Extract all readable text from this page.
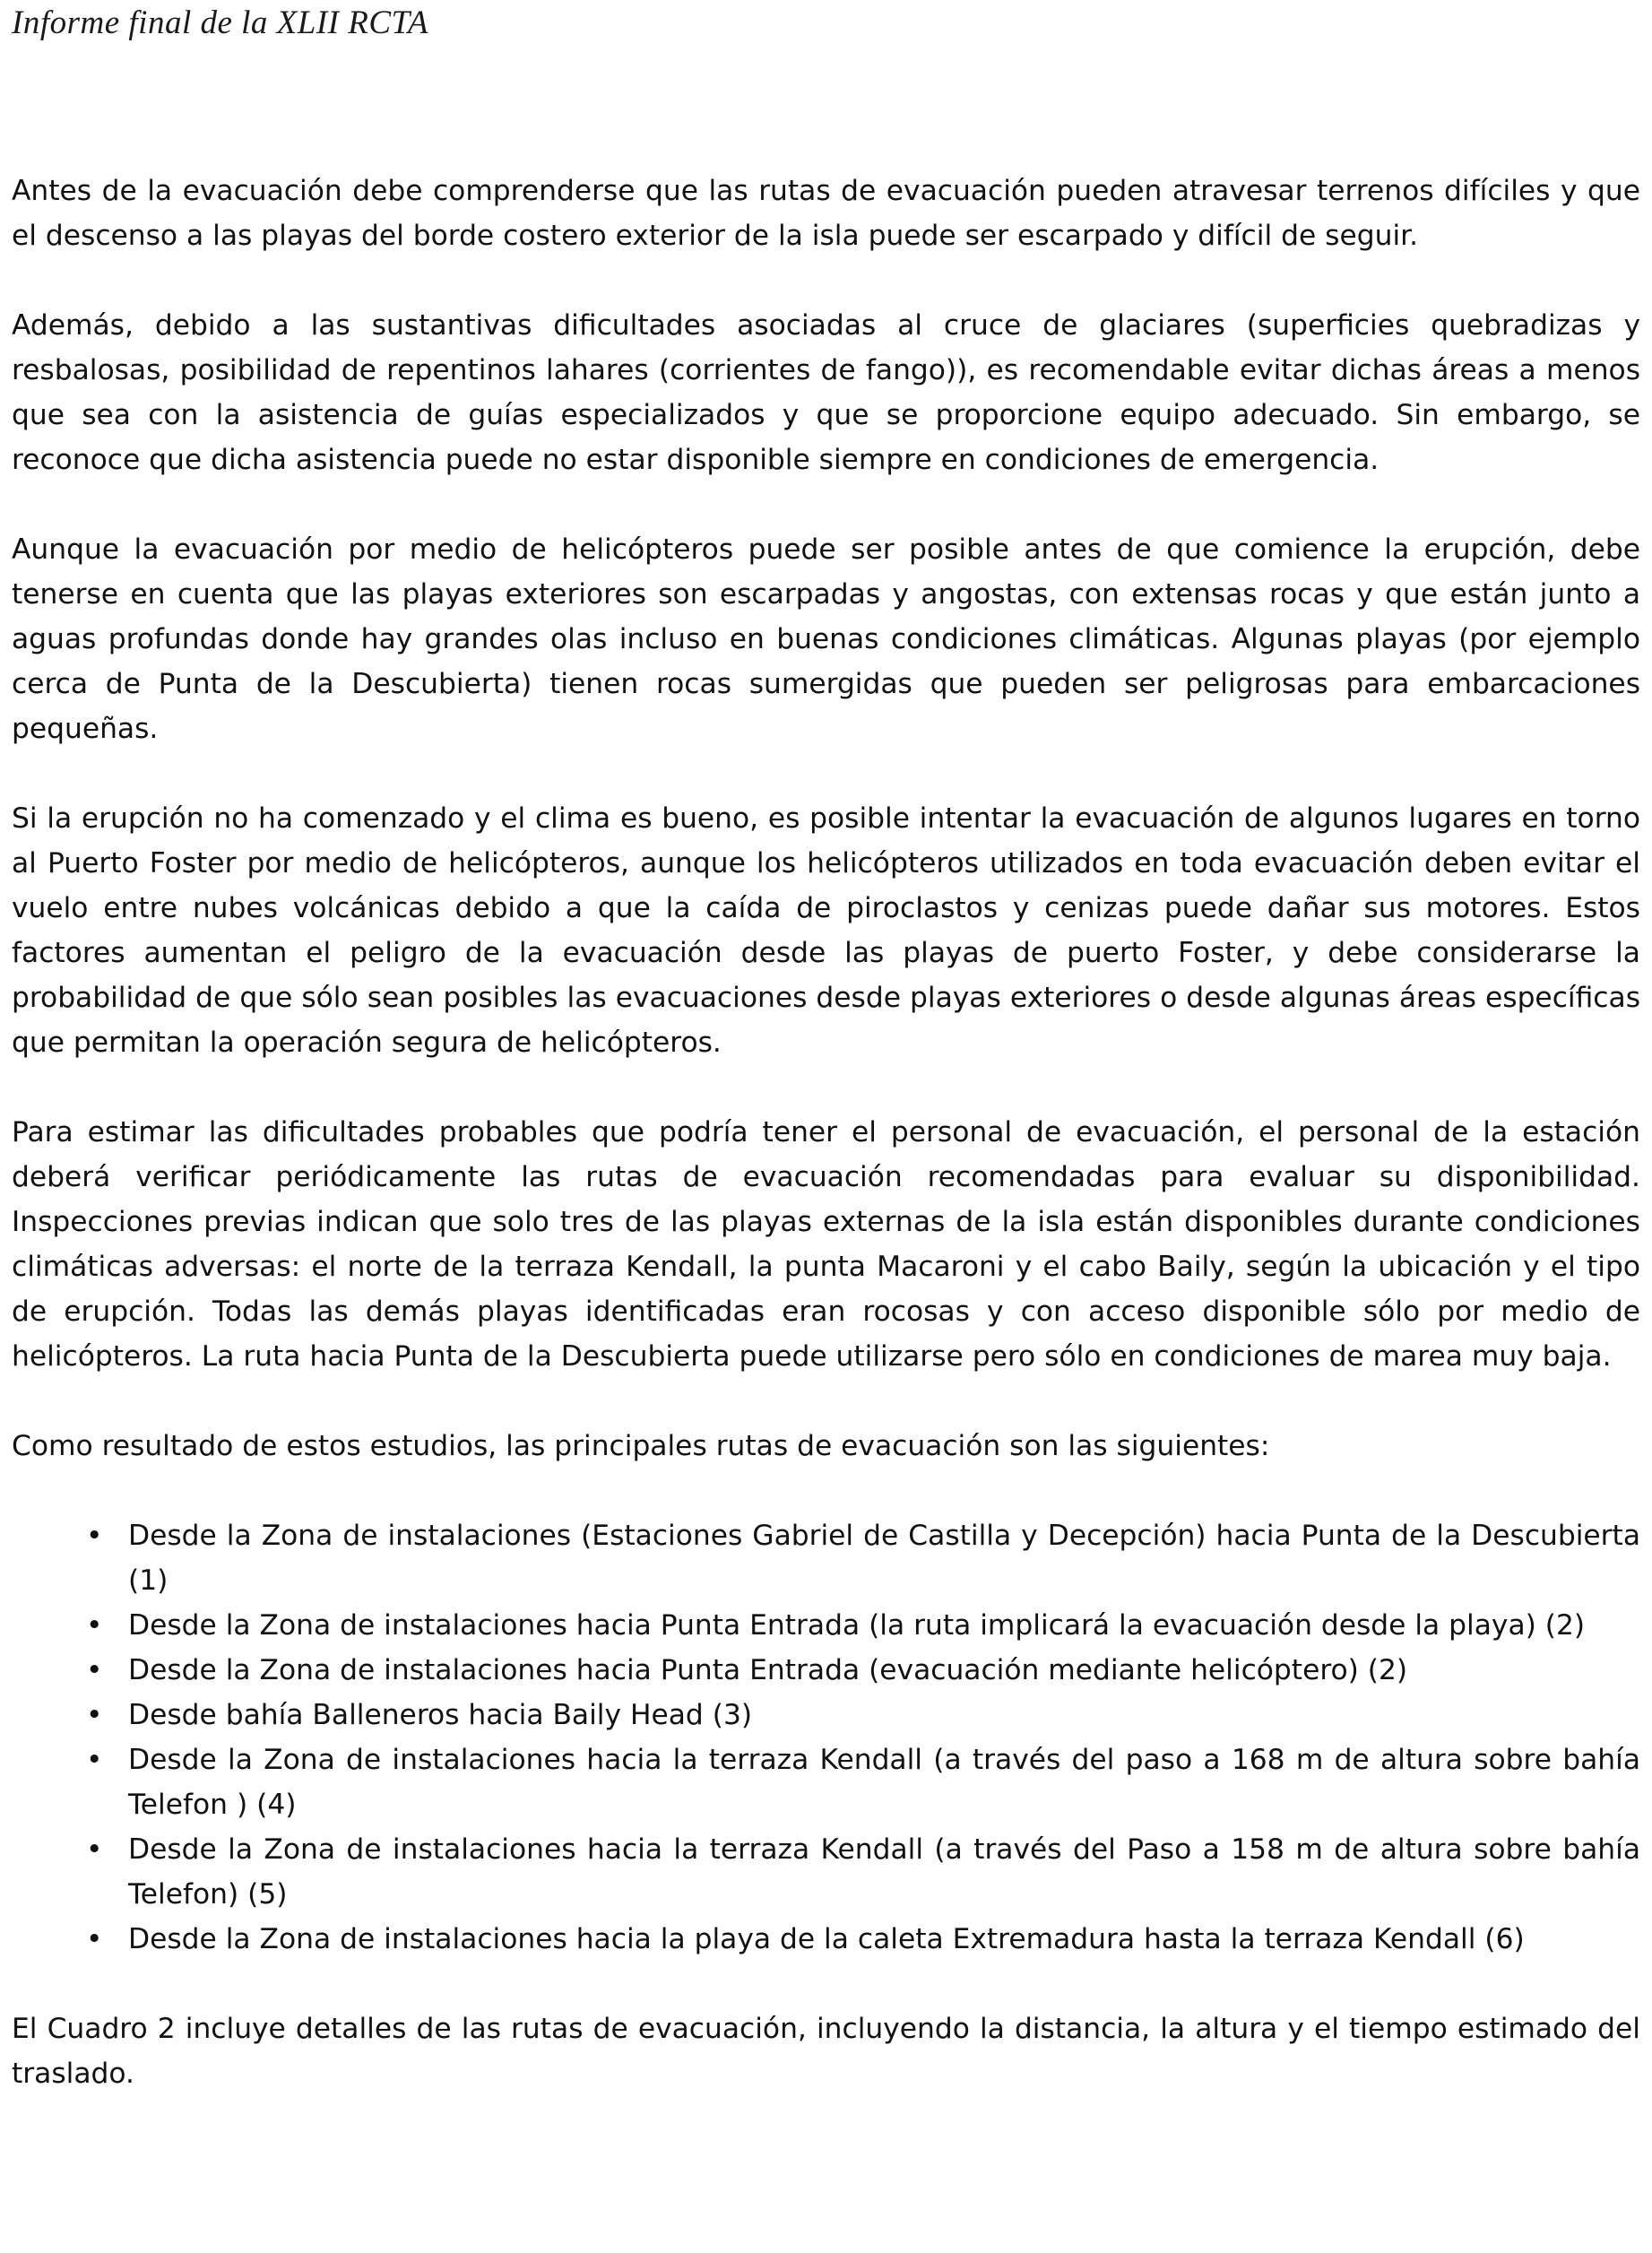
Informe final de la XLII RCTA

Antes de la evacuación debe comprenderse que las rutas de evacuación pueden atravesar terrenos difíciles y que el descenso a las playas del borde costero exterior de la isla puede ser escarpado y difícil de seguir.

Además, debido a las sustantivas dificultades asociadas al cruce de glaciares (superficies quebradizas y resbalosas, posibilidad de repentinos lahares (corrientes de fango)), es recomendable evitar dichas áreas a menos que sea con la asistencia de guías especializados y que se proporcione equipo adecuado. Sin embargo, se reconoce que dicha asistencia puede no estar disponible siempre en condiciones de emergencia.

Aunque la evacuación por medio de helicópteros puede ser posible antes de que comience la erupción, debe tenerse en cuenta que las playas exteriores son escarpadas y angostas, con extensas rocas y que están junto a aguas profundas donde hay grandes olas incluso en buenas condiciones climáticas. Algunas playas (por ejemplo cerca de Punta de la Descubierta) tienen rocas sumergidas que pueden ser peligrosas para embarcaciones pequeñas.

Si la erupción no ha comenzado y el clima es bueno, es posible intentar la evacuación de algunos lugares en torno al Puerto Foster por medio de helicópteros, aunque los helicópteros utilizados en toda evacuación deben evitar el vuelo entre nubes volcánicas debido a que la caída de piroclastos y cenizas puede dañar sus motores. Estos factores aumentan el peligro de la evacuación desde las playas de puerto Foster, y debe considerarse la probabilidad de que sólo sean posibles las evacuaciones desde playas exteriores o desde algunas áreas específicas que permitan la operación segura de helicópteros.

Para estimar las dificultades probables que podría tener el personal de evacuación, el personal de la estación deberá verificar periódicamente las rutas de evacuación recomendadas para evaluar su disponibilidad. Inspecciones previas indican que solo tres de las playas externas de la isla están disponibles durante condiciones climáticas adversas: el norte de la terraza Kendall, la punta Macaroni y el cabo Baily, según la ubicación y el tipo de erupción. Todas las demás playas identificadas eran rocosas y con acceso disponible sólo por medio de helicópteros. La ruta hacia Punta de la Descubierta puede utilizarse pero sólo en condiciones de marea muy baja.

Como resultado de estos estudios, las principales rutas de evacuación son las siguientes:

• Desde la Zona de instalaciones (Estaciones Gabriel de Castilla y Decepción) hacia Punta de la Descubierta (1)
• Desde la Zona de instalaciones hacia Punta Entrada (la ruta implicará la evacuación desde la playa) (2)
• Desde la Zona de instalaciones hacia Punta Entrada (evacuación mediante helicóptero) (2)
• Desde bahía Balleneros hacia Baily Head (3)
• Desde la Zona de instalaciones hacia la terraza Kendall (a través del paso a 168 m de altura sobre bahía Telefon ) (4)
• Desde la Zona de instalaciones hacia la terraza Kendall (a través del Paso a 158 m de altura sobre bahía Telefon) (5)
• Desde la Zona de instalaciones hacia la playa de la caleta Extremadura hasta la terraza Kendall (6)

El Cuadro 2 incluye detalles de las rutas de evacuación, incluyendo la distancia, la altura y el tiempo estimado del traslado.
